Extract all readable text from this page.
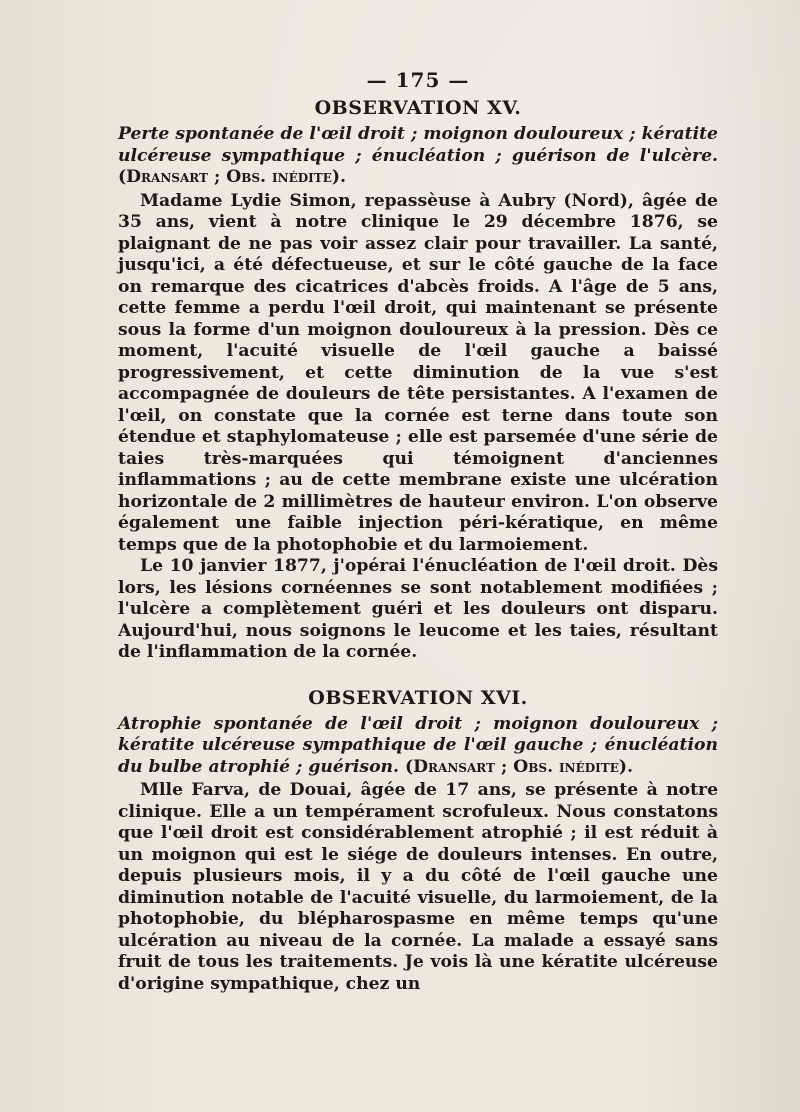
— 175 —
OBSERVATION XV.

Perte spontanée de l'œil droit ; moignon douloureux ; kératite ulcéreuse sympathique ; énucléation ; guérison de l'ulcère. (Dransart ; Obs. inédite).

Madame Lydie Simon, repassèuse à Aubry (Nord), âgée de 35 ans, vient à notre clinique le 29 décembre 1876, se plaignant de ne pas voir assez clair pour travailler. La santé, jusqu'ici, a été défectueuse, et sur le côté gauche de la face on remarque des cicatrices d'abcès froids. A l'âge de 5 ans, cette femme a perdu l'œil droit, qui maintenant se présente sous la forme d'un moignon douloureux à la pression. Dès ce moment, l'acuité visuelle de l'œil gauche a baissé progressivement, et cette diminution de la vue s'est accompagnée de douleurs de tête persistantes. A l'examen de l'œil, on constate que la cornée est terne dans toute son étendue et staphylomateuse ; elle est parsemée d'une série de taies très-marquées qui témoignent d'anciennes inflammations ; au de cette membrane existe une ulcération horizontale de 2 millimètres de hauteur environ. L'on observe également une faible injection péri-kératique, en même temps que de la photophobie et du larmoiement.

Le 10 janvier 1877, j'opérai l'énucléation de l'œil droit. Dès lors, les lésions cornéennes se sont notablement modifiées ; l'ulcère a complètement guéri et les douleurs ont disparu. Aujourd'hui, nous soignons le leucome et les taies, résultant de l'inflammation de la cornée.

OBSERVATION XVI.

Atrophie spontanée de l'œil droit ; moignon douloureux ; kératite ulcéreuse sympathique de l'œil gauche ; énucléation du bulbe atrophié ; guérison. (Dransart ; Obs. inédite).

Mlle Farva, de Douai, âgée de 17 ans, se présente à notre clinique. Elle a un tempérament scrofuleux. Nous constatons que l'œil droit est considérablement atrophié ; il est réduit à un moignon qui est le siége de douleurs intenses. En outre, depuis plusieurs mois, il y a du côté de l'œil gauche une diminution notable de l'acuité visuelle, du larmoiement, de la photophobie, du blépharospasme en même temps qu'une ulcération au niveau de la cornée. La malade a essayé sans fruit de tous les traitements. Je vois là une kératite ulcéreuse d'origine sympathique, chez un
